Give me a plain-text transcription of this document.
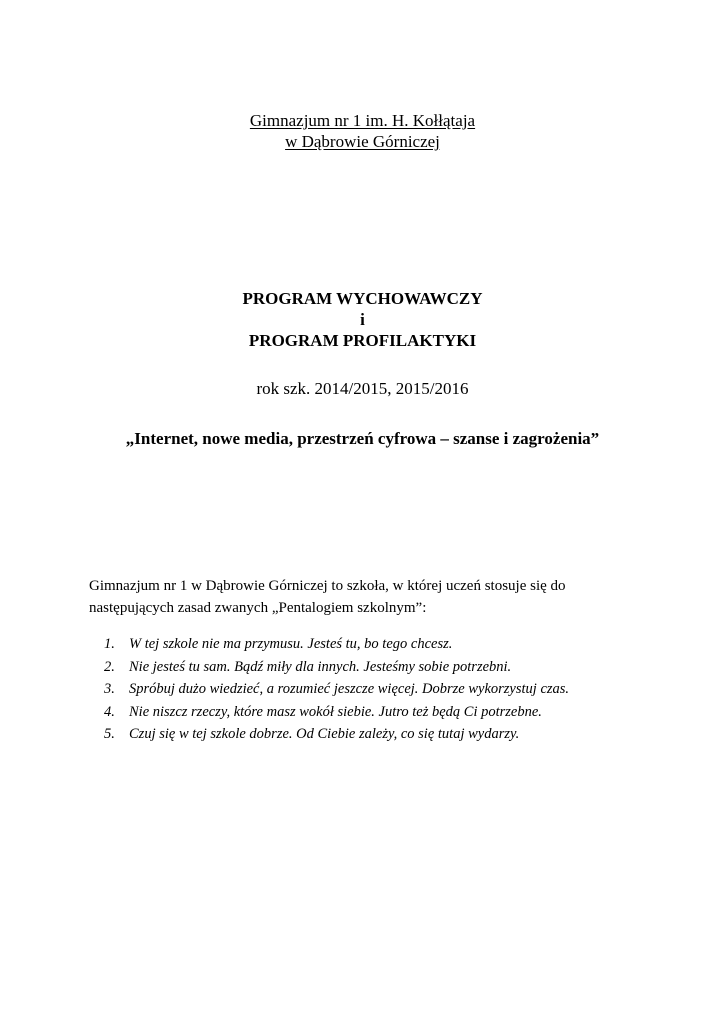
Gimnazjum nr 1 im. H. Kołłątaja
w Dąbrowie Górniczej
PROGRAM WYCHOWAWCZY
i
PROGRAM PROFILAKTYKI
rok szk. 2014/2015, 2015/2016
„Internet, nowe media, przestrzeń cyfrowa – szanse i zagrożenia”
Gimnazjum nr 1 w Dąbrowie Górniczej to szkoła, w której uczeń stosuje się do
następujących zasad zwanych „Pentalogiem szkolnym”:
1. W tej szkole nie ma przymusu. Jesteś tu, bo tego chcesz.
2. Nie jesteś tu sam. Bądź miły dla innych. Jesteśmy sobie potrzebni.
3. Spróbuj dużo wiedzieć, a rozumieć jeszcze więcej. Dobrze wykorzystuj czas.
4. Nie niszcz rzeczy, które masz wokół siebie. Jutro też będą Ci potrzebne.
5. Czuj się w tej szkole dobrze. Od Ciebie zależy, co się tutaj wydarzy.
